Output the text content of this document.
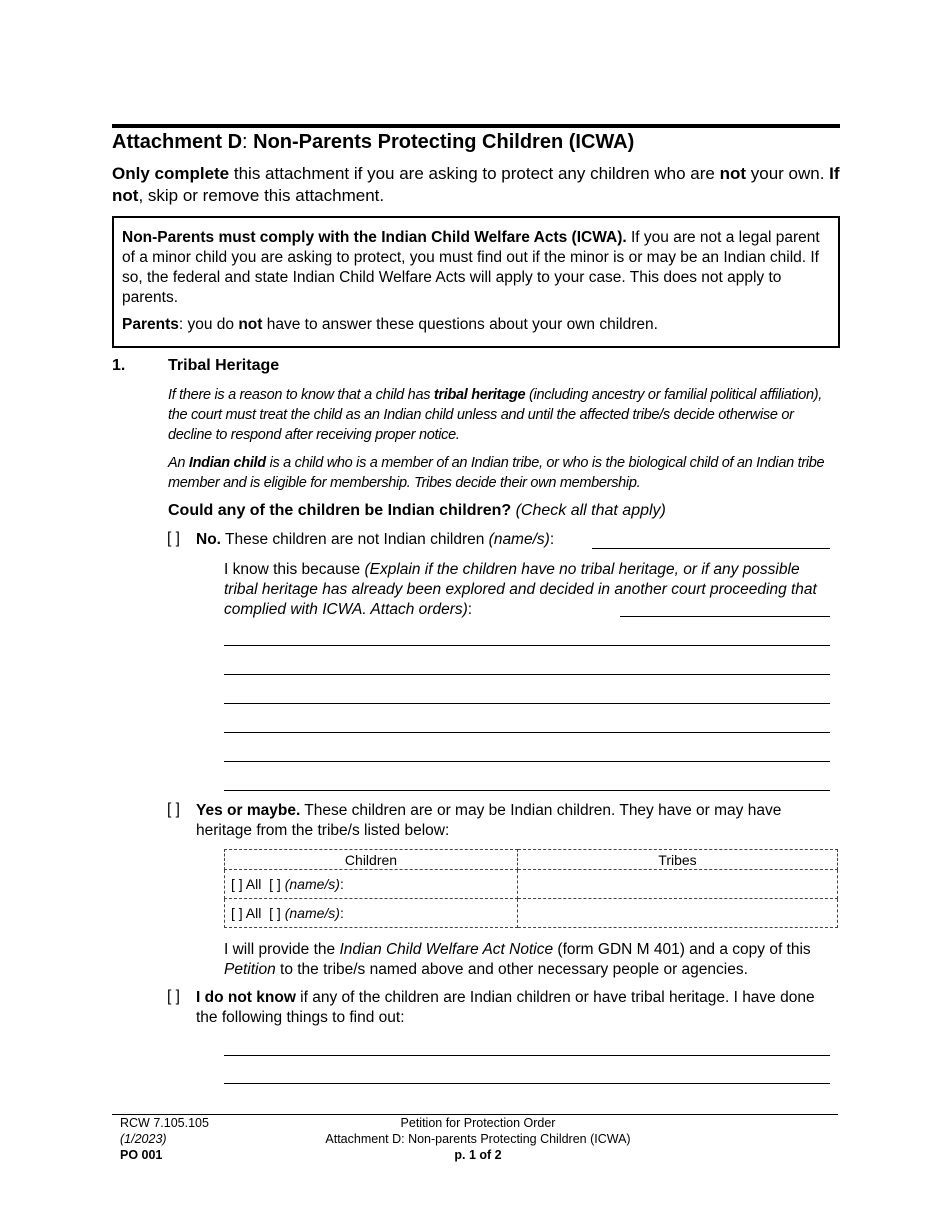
Attachment D: Non-Parents Protecting Children (ICWA)
Only complete this attachment if you are asking to protect any children who are not your own. If not, skip or remove this attachment.
Non-Parents must comply with the Indian Child Welfare Acts (ICWA). If you are not a legal parent of a minor child you are asking to protect, you must find out if the minor is or may be an Indian child. If so, the federal and state Indian Child Welfare Acts will apply to your case. This does not apply to parents.
Parents: you do not have to answer these questions about your own children.
1.	Tribal Heritage
If there is a reason to know that a child has tribal heritage (including ancestry or familial political affiliation), the court must treat the child as an Indian child unless and until the affected tribe/s decide otherwise or decline to respond after receiving proper notice.
An Indian child is a child who is a member of an Indian tribe, or who is the biological child of an Indian tribe member and is eligible for membership. Tribes decide their own membership.
Could any of the children be Indian children? (Check all that apply)
[ ] No. These children are not Indian children (name/s):
I know this because (Explain if the children have no tribal heritage, or if any possible tribal heritage has already been explored and decided in another court proceeding that complied with ICWA. Attach orders):
[ ] Yes or maybe. These children are or may be Indian children. They have or may have heritage from the tribe/s listed below:
Children	Tribes
[ ] All [ ] (name/s):	
[ ] All [ ] (name/s):	
I will provide the Indian Child Welfare Act Notice (form GDN M 401) and a copy of this Petition to the tribe/s named above and other necessary people or agencies.
[ ] I do not know if any of the children are Indian children or have tribal heritage. I have done the following things to find out:
RCW 7.105.105
(1/2023)
PO 001
Petition for Protection Order
Attachment D: Non-parents Protecting Children (ICWA)
p. 1 of 2
